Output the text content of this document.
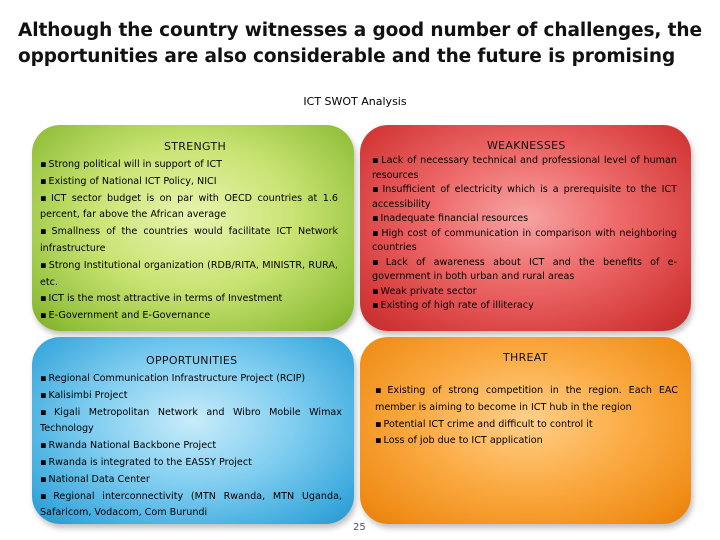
Although the country witnesses a good number of challenges, the opportunities are also considerable and the future is promising
ICT SWOT Analysis
STRENGTH
▪ Strong political will in support of ICT
▪ Existing of National ICT Policy, NICI
▪ ICT sector budget is on par with OECD countries at 1.6 percent, far above the African average
▪ Smallness of the countries would facilitate ICT Network infrastructure
▪ Strong Institutional organization (RDB/RITA, MINISTR, RURA, etc.
▪ ICT is the most attractive in terms of Investment
▪ E-Government and E-Governance
WEAKNESSES
▪ Lack of necessary technical and professional level of human resources
▪ Insufficient of electricity which is a prerequisite to the ICT accessibility
▪ Inadequate financial resources
▪ High cost of communication in comparison with neighboring countries
▪ Lack of awareness about ICT and the benefits of e-government in both urban and rural areas
▪ Weak private sector
▪ Existing of high rate of illiteracy
OPPORTUNITIES
▪ Regional Communication Infrastructure Project (RCIP)
▪ Kalisimbi Project
▪ Kigali Metropolitan Network and Wibro Mobile Wimax Technology
▪ Rwanda National Backbone Project
▪ Rwanda is integrated to the EASSY Project
▪ National Data Center
▪ Regional interconnectivity (MTN Rwanda, MTN Uganda, Safaricom, Vodacom, Com Burundi
THREAT
▪ Existing of strong competition in the region. Each EAC member is aiming to become in ICT hub in the region
▪ Potential ICT crime and difficult to control it
▪ Loss of job due to ICT application
25
